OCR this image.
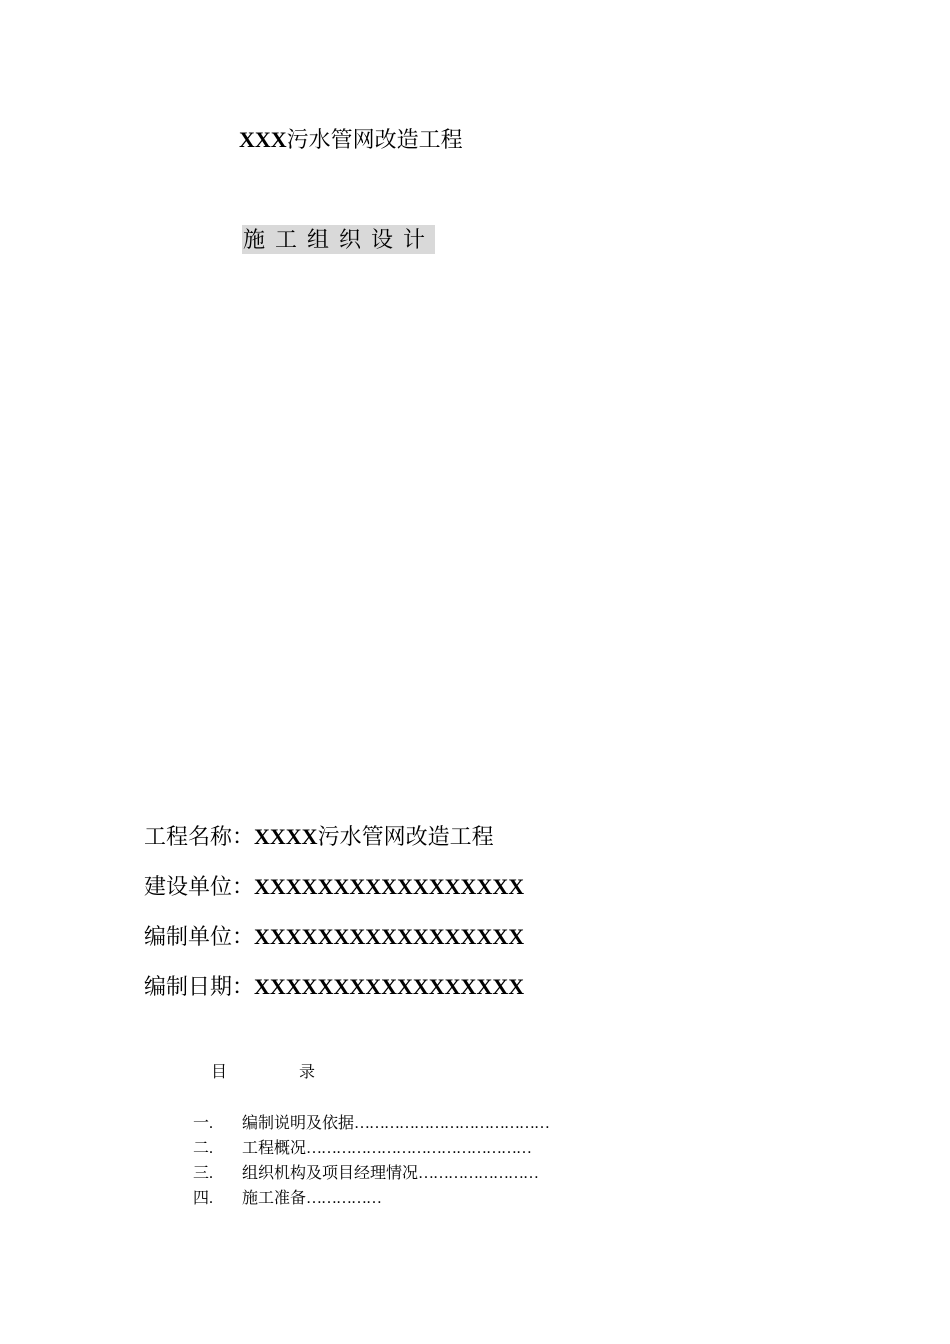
XXX污水管网改造工程
施工组织设计
工程名称：XXXX污水管网改造工程
建设单位：XXXXXXXXXXXXXXXXX
编制单位：XXXXXXXXXXXXXXXXX
编制日期：XXXXXXXXXXXXXXXXX
目	录
一.	编制说明及依据 …………………………………
二.	工程概况 ………………………………………
三.	组织机构及项目经理情况 ……………………
四.	施工准备 ……………
